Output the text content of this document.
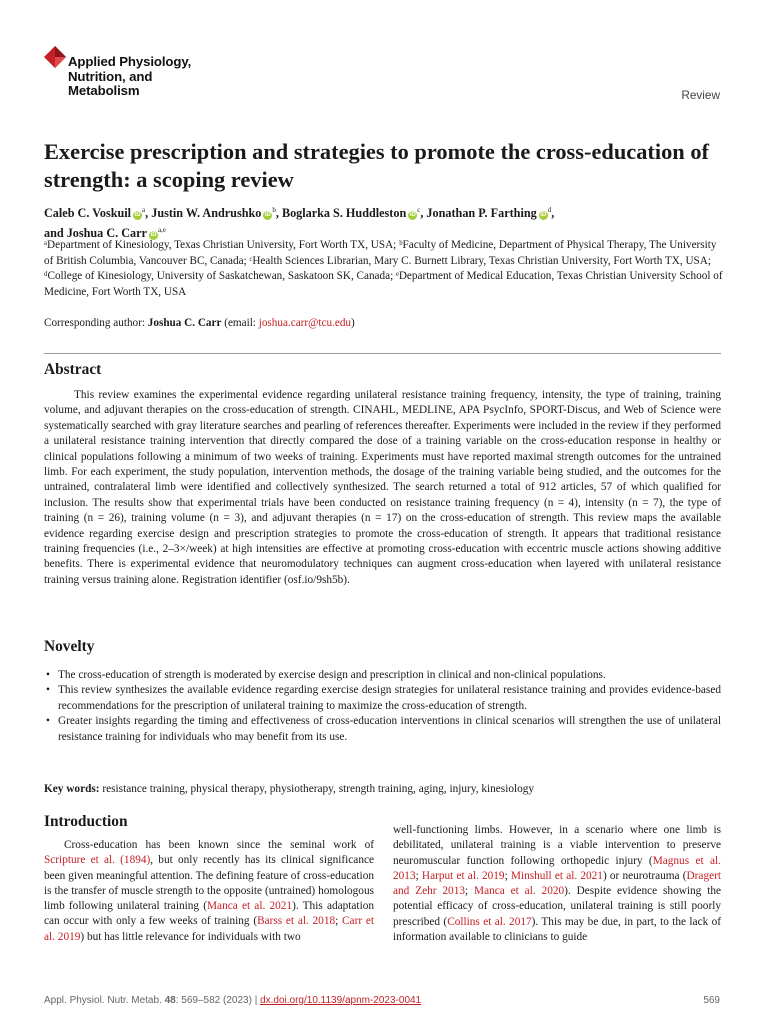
Applied Physiology,
Nutrition, and
Metabolism	Review
Exercise prescription and strategies to promote the cross-education of strength: a scoping review
Caleb C. Voskuil $iD^a$, Justin W. Andrushko $iD^b$, Boglarka S. Huddleston $iD^c$, Jonathan P. Farthing $iD^d$,
and Joshua C. Carr iD$^{a,e}$

ᵃDepartment of Kinesiology, Texas Christian University, Fort Worth TX, USA; ᵇFaculty of Medicine, Department of Physical Therapy, The University of British Columbia, Vancouver BC, Canada; ᶜHealth Sciences Librarian, Mary C. Burnett Library, Texas Christian University, Fort Worth TX, USA; ᵈCollege of Kinesiology, University of Saskatchewan, Saskatoon SK, Canada; ᵉDepartment of Medical Education, Texas Christian University School of Medicine, Fort Worth TX, USA

Corresponding author: Joshua C. Carr (email: joshua.carr@tcu.edu)
Abstract

This review examines the experimental evidence regarding unilateral resistance training frequency, intensity, the type of training, training volume, and adjuvant therapies on the cross-education of strength. CINAHL, MEDLINE, APA PsycInfo, SPORT-Discus, and Web of Science were systematically searched with gray literature searches and pearling of references thereafter. Experiments were included in the review if they performed a unilateral resistance training intervention that directly compared the dose of a training variable on the cross-education response in healthy or clinical populations following a minimum of two weeks of training. Experiments must have reported maximal strength outcomes for the untrained limb. For each experiment, the study population, intervention methods, the dosage of the training variable being studied, and the outcomes for the untrained, contralateral limb were identified and collectively synthesized. The search returned a total of 912 articles, 57 of which qualified for inclusion. The results show that experimental trials have been conducted on resistance training frequency (n = 4), intensity (n = 7), the type of training (n = 26), training volume (n = 3), and adjuvant therapies (n = 17) on the cross-education of strength. This review maps the available evidence regarding exercise design and prescription strategies to promote the cross-education of strength. It appears that traditional resistance training frequencies (i.e., 2–3×/week) at high intensities are effective at promoting cross-education with eccentric muscle actions showing additive benefits. There is experimental evidence that neuromodulatory techniques can augment cross-education when layered with unilateral resistance training versus training alone. Registration identifier (osf.io/9sh5b).

Novelty
• The cross-education of strength is moderated by exercise design and prescription in clinical and non-clinical populations.
• This review synthesizes the available evidence regarding exercise design strategies for unilateral resistance training and provides evidence-based recommendations for the prescription of unilateral training to maximize the cross-education of strength.
• Greater insights regarding the timing and effectiveness of cross-education interventions in clinical scenarios will strengthen the use of unilateral resistance training for individuals who may benefit from its use.
Key words: resistance training, physical therapy, physiotherapy, strength training, aging, injury, kinesiology
Introduction

Cross-education has been known since the seminal work of Scripture et al. (1894), but only recently has its clinical significance been given meaningful attention. The defining feature of cross-education is the transfer of muscle strength to the opposite (untrained) homologous limb following unilateral training (Manca et al. 2021). This adaptation can occur with only a few weeks of training (Barss et al. 2018; Carr et al. 2019) but has little relevance for individuals with two

well-functioning limbs. However, in a scenario where one limb is debilitated, unilateral training is a viable intervention to preserve neuromuscular function following orthopedic injury (Magnus et al. 2013; Harput et al. 2019; Minshull et al. 2021) or neurotrauma (Dragert and Zehr 2013; Manca et al. 2020). Despite evidence showing the potential efficacy of cross-education, unilateral training is still poorly prescribed (Collins et al. 2017). This may be due, in part, to the lack of information available to clinicians to guide

Appl. Physiol. Nutr. Metab. 48: 569–582 (2023) | dx.doi.org/10.1139/apnm-2023-0041	569
